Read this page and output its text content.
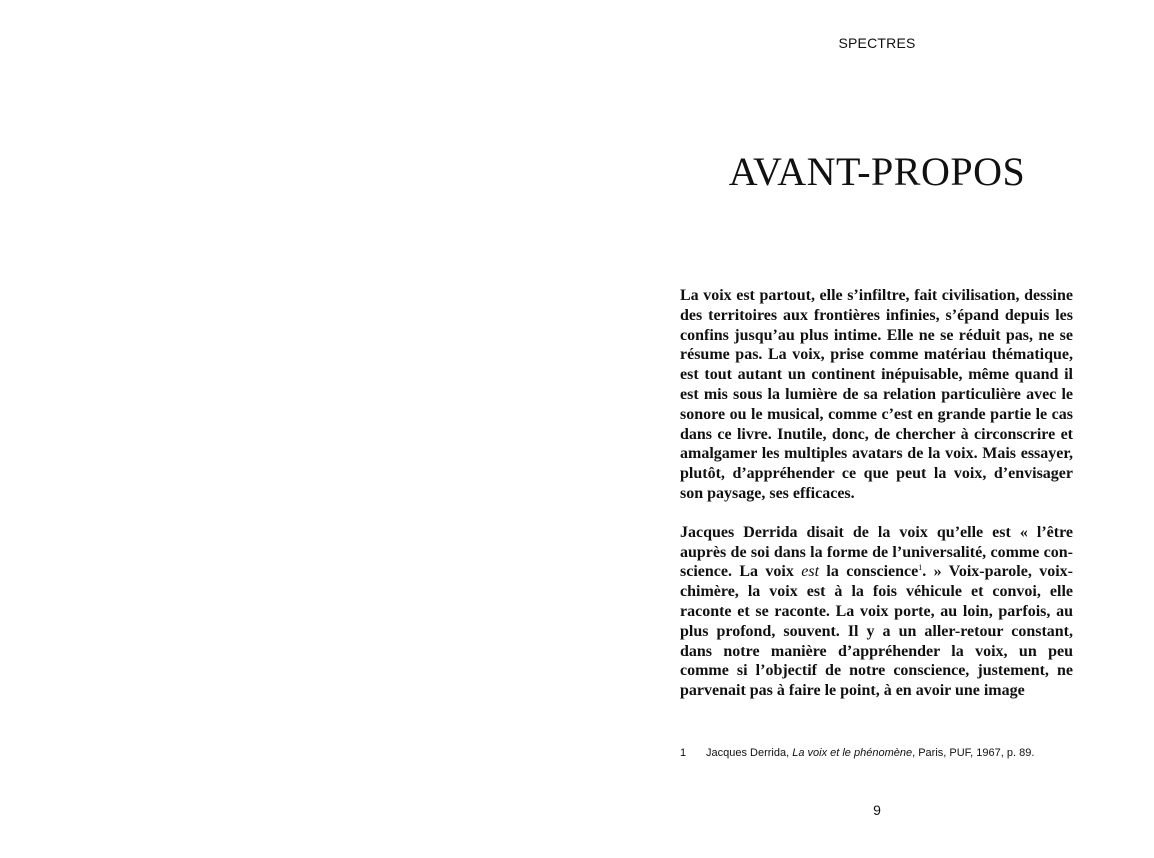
SPECTRES
AVANT-PROPOS

La voix est partout, elle s’infiltre, fait civilisation, dessine des territoires aux frontières infinies, s’épand depuis les confins jusqu’au plus intime. Elle ne se réduit pas, ne se résume pas. La voix, prise comme matériau thématique, est tout autant un continent inépuisable, même quand il est mis sous la lumière de sa relation particulière avec le sonore ou le musical, comme c’est en grande partie le cas dans ce livre. Inutile, donc, de chercher à circonscrire et amalgamer les multiples avatars de la voix. Mais essayer, plutôt, d’appréhender ce que peut la voix, d’envisager son paysage, ses efficaces.

Jacques Derrida disait de la voix qu’elle est « l’être auprès de soi dans la forme de l’universalité, comme con-science. La voix est la conscience$^1$. » Voix-parole, voix-chimère, la voix est à la fois véhicule et convoi, elle raconte et se raconte. La voix porte, au loin, parfois, au plus profond, souvent. Il y a un aller-retour constant, dans notre manière d’appréhender la voix, un peu comme si l’objectif de notre conscience, justement, ne parvenait pas à faire le point, à en avoir une image

1 Jacques Derrida, La voix et le phénomène, Paris, PUF, 1967, p. 89.
9
